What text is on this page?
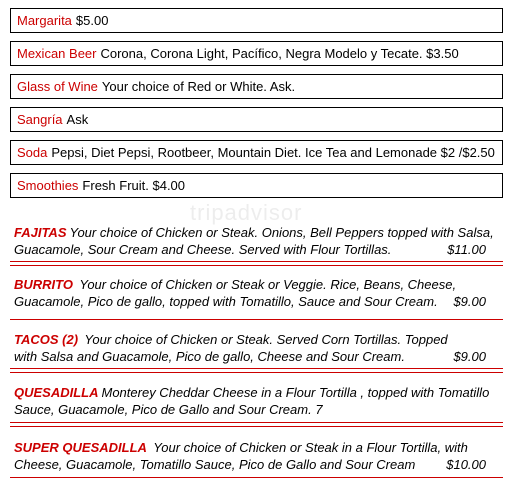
Margarita $5.00
Mexican Beer Corona, Corona Light, Pacífico, Negra Modelo y Tecate. $3.50
Glass of Wine Your choice of Red or White. Ask.
Sangría Ask
Soda Pepsi, Diet Pepsi, Rootbeer, Mountain Diet. Ice Tea and Lemonade $2 /$2.50
Smoothies Fresh Fruit. $4.00
tripadvisor
FAJITAS Your choice of Chicken or Steak. Onions, Bell Peppers topped with Salsa,
Guacamole, Sour Cream and Cheese. Served with Flour Tortillas.	$11.00
BURRITO Your choice of Chicken or Steak or Veggie. Rice, Beans, Cheese,
Guacamole, Pico de gallo, topped with Tomatillo, Sauce and Sour Cream. $9.00
TACOS (2) Your choice of Chicken or Steak. Served Corn Tortillas. Topped
with Salsa and Guacamole, Pico de gallo, Cheese and Sour Cream.	$9.00
QUESADILLA Monterey Cheddar Cheese in a Flour Tortilla , topped with Tomatillo
Sauce, Guacamole, Pico de Gallo and Sour Cream. 7
SUPER QUESADILLA Your choice of Chicken or Steak in a Flour Tortilla, with
Cheese, Guacamole, Tomatillo Sauce, Pico de Gallo and Sour Cream $10.00
